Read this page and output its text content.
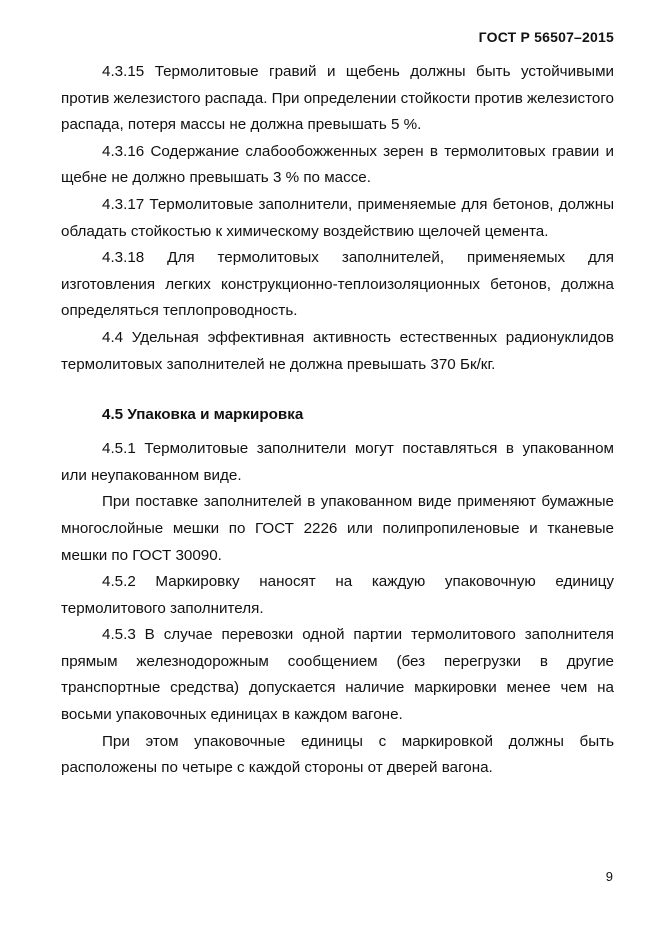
ГОСТ Р 56507–2015

4.3.15 Термолитовые гравий и щебень должны быть устойчивыми против железистого распада. При определении стойкости против железистого распада, потеря массы не должна превышать 5 %.

4.3.16 Содержание слабообожженных зерен в термолитовых гравии и щебне не должно превышать 3 % по массе.

4.3.17 Термолитовые заполнители, применяемые для бетонов, должны обладать стойкостью к химическому воздействию щелочей цемента.

4.3.18 Для термолитовых заполнителей, применяемых для изготовления легких конструкционно-теплоизоляционных бетонов, должна определяться теплопроводность.

4.4 Удельная эффективная активность естественных радионуклидов термолитовых заполнителей не должна превышать 370 Бк/кг.

4.5 Упаковка и маркировка

4.5.1 Термолитовые заполнители могут поставляться в упакованном или неупакованном виде.

При поставке заполнителей в упакованном виде применяют бумажные многослойные мешки по ГОСТ 2226 или полипропиленовые и тканевые мешки по ГОСТ 30090.

4.5.2 Маркировку наносят на каждую упаковочную единицу термолитового заполнителя.

4.5.3 В случае перевозки одной партии термолитового заполнителя прямым железнодорожным сообщением (без перегрузки в другие транспортные средства) допускается наличие маркировки менее чем на восьми упаковочных единицах в каждом вагоне.

При этом упаковочные единицы с маркировкой должны быть расположены по четыре с каждой стороны от дверей вагона.

9
